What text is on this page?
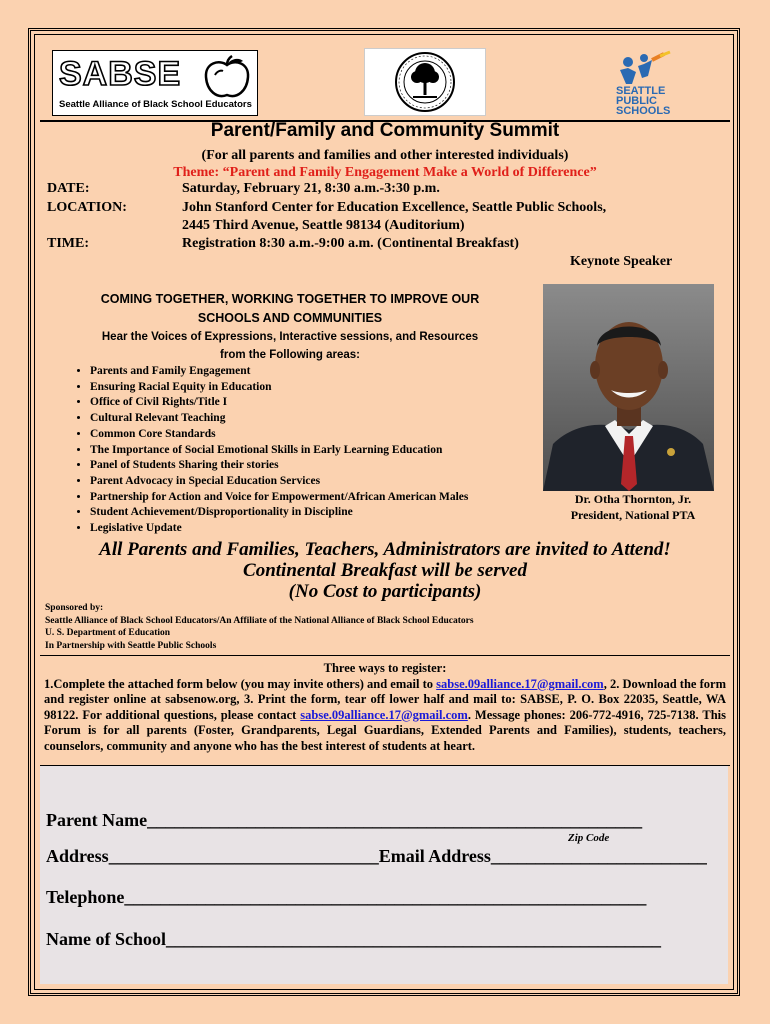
SABSE
Seattle Alliance of Black School Educators
SEATTLE
PUBLIC
SCHOOLS
Parent/Family and Community Summit
(For all parents and families and other interested individuals)
Theme: “Parent and Family Engagement Make a World of Difference”
DATE:	Saturday, February 21, 8:30 a.m.-3:30 p.m.
LOCATION:	John Stanford Center for Education Excellence, Seattle Public Schools,
2445 Third Avenue, Seattle 98134 (Auditorium)
TIME:	Registration 8:30 a.m.-9:00 a.m. (Continental Breakfast)
Keynote Speaker
COMING TOGETHER, WORKING TOGETHER TO IMPROVE OUR
SCHOOLS AND COMMUNITIES
Hear the Voices of Expressions, Interactive sessions, and Resources
from the Following areas:
• Parents and Family Engagement
• Ensuring Racial Equity in Education
• Office of Civil Rights/Title I
• Cultural Relevant Teaching
• Common Core Standards
• The Importance of Social Emotional Skills in Early Learning Education
• Panel of Students Sharing their stories
• Parent Advocacy in Special Education Services
• Partnership for Action and Voice for Empowerment/African American Males
• Student Achievement/Disproportionality in Discipline
• Legislative Update
Dr. Otha Thornton, Jr.
President, National PTA
All Parents and Families, Teachers, Administrators are invited to Attend!
Continental Breakfast will be served
(No Cost to participants)
Sponsored by:
Seattle Alliance of Black School Educators/An Affiliate of the National Alliance of Black School Educators
U. S. Department of Education
In Partnership with Seattle Public Schools
Three ways to register:
1.Complete the attached form below (you may invite others) and email to sabse.09alliance.17@gmail.com, 2. Download the form and register online at sabsenow.org, 3. Print the form, tear off lower half and mail to: SABSE, P. O. Box 22035, Seattle, WA 98122. For additional questions, please contact sabse.09alliance.17@gmail.com. Message phones: 206-772-4916, 725-7138. This Forum is for all parents (Foster, Grandparents, Legal Guardians, Extended Parents and Families), students, teachers, counselors, community and anyone who has the best interest of students at heart.
Parent Name_______________________________________________________
Zip Code
Address______________________________Email Address________________________
Telephone__________________________________________________________
Name of School_______________________________________________________
